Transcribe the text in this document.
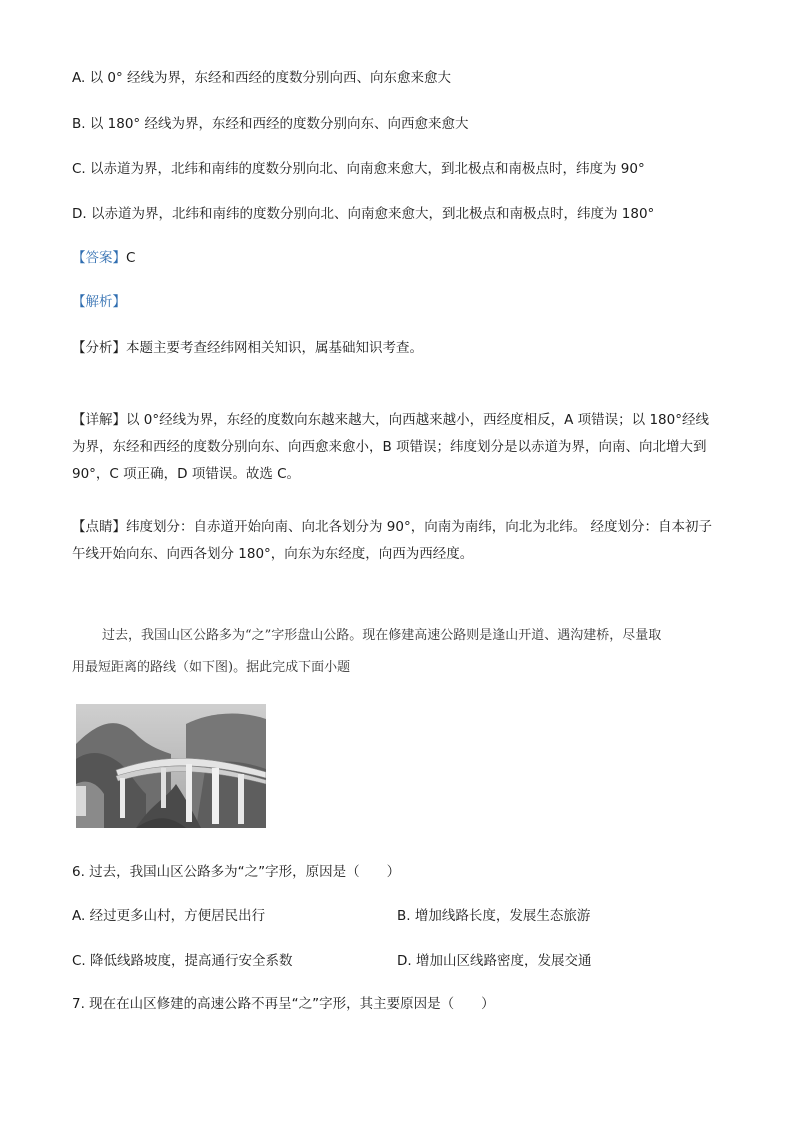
A. 以 0° 经线为界，东经和西经的度数分别向西、向东愈来愈大
B. 以 180° 经线为界，东经和西经的度数分别向东、向西愈来愈大
C. 以赤道为界，北纬和南纬的度数分别向北、向南愈来愈大，到北极点和南极点时，纬度为 90°
D. 以赤道为界，北纬和南纬的度数分别向北、向南愈来愈大，到北极点和南极点时，纬度为 180°
【答案】C
【解析】
【分析】本题主要考查经纬网相关知识，属基础知识考查。
【详解】以 0°经线为界，东经的度数向东越来越大，向西越来越小，西经度相反，A 项错误；以 180°经线为界，东经和西经的度数分别向东、向西愈来愈小，B 项错误；纬度划分是以赤道为界，向南、向北增大到 90°，C 项正确，D 项错误。故选 C。
【点睛】纬度划分：自赤道开始向南、向北各划分为 90°，向南为南纬，向北为北纬。 经度划分：自本初子午线开始向东、向西各划分 180°，向东为东经度，向西为西经度。
过去，我国山区公路多为“之”字形盘山公路。现在修建高速公路则是逢山开道、遇沟建桥，尽量取
用最短距离的路线（如下图)。据此完成下面小题
6. 过去，我国山区公路多为“之”字形，原因是（　　）
A. 经过更多山村，方便居民出行	B. 增加线路长度，发展生态旅游
C. 降低线路坡度，提高通行安全系数	D. 增加山区线路密度，发展交通
7. 现在在山区修建的高速公路不再呈“之”字形，其主要原因是（　　）
